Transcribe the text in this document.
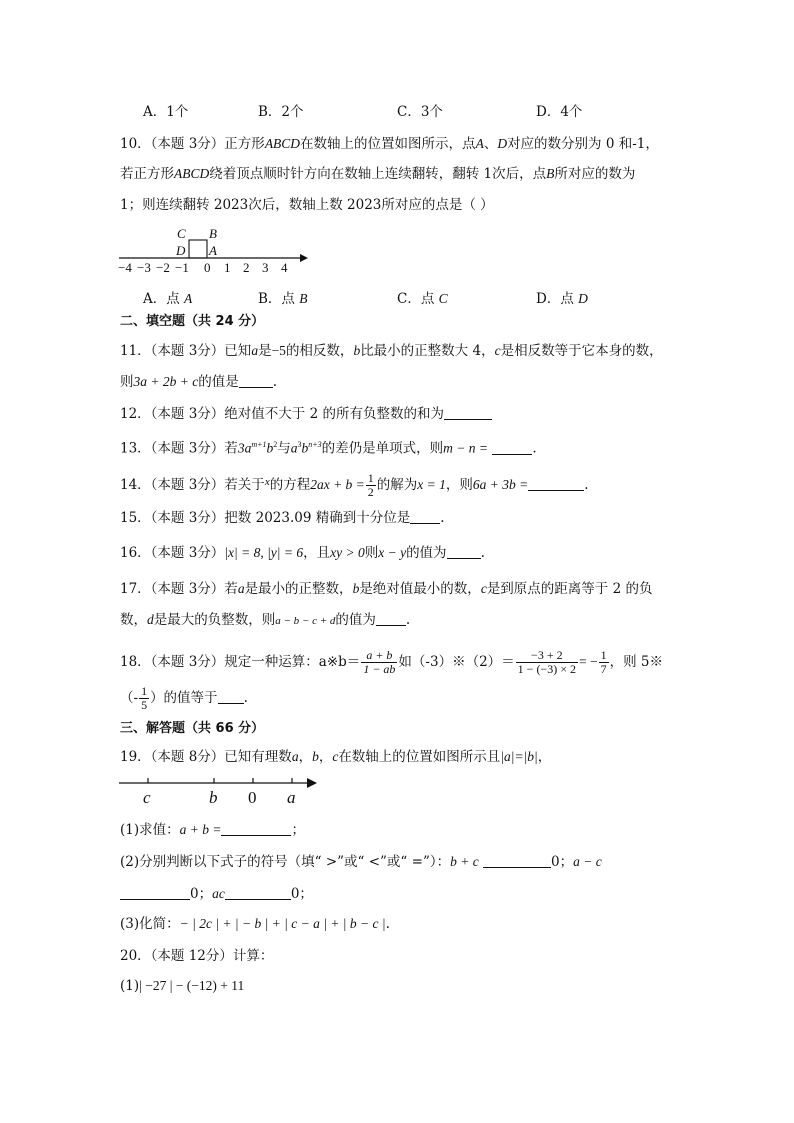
A．1个	B．2个	C．3个	D．4个
10．（本题 3分）正方形ABCD在数轴上的位置如图所示，点A、D对应的数分别为 0 和-1，
若正方形ABCD绕着顶点顺时针方向在数轴上连续翻转，翻转 1次后，点B所对应的数为
1；则连续翻转 2023次后，数轴上数 2023所对应的点是（ ）
C B
D A
−4 −3 −2 −1 0 1 2 3 4
A．点 A	B．点 B	C．点 C	D．点 D
二、填空题（共 24 分）
11．（本题 3分）已知a是−5的相反数，b比最小的正整数大 4，c是相反数等于它本身的数，
则3a + 2b + c的值是	.
12．（本题 3分）绝对值不大于 2 的所有负整数的和为
13．（本题 3分）若$3a^{m+1}b^2$与$a^3b^{n+3}$的差仍是单项式，则m − n =	.
14．（本题 3分）若关于$^x$的方程$2ax + b = \frac{1}{2}$ 的解为x = 1，则6a + 3b =	.
15．（本题 3分）把数 2023.09 精确到十分位是 .
16．（本题 3分）|x| = 8, |y| = 6，且xy > 0则x − y的值为	.
17．（本题 3分）若a是最小的正整数，b是绝对值最小的数，c是到原点的距离等于 2 的负
数，d是最大的负整数，则a − b − c + d的值为 .
18．（本题 3分）规定一种运算：a※b＝ $\frac{a + b}{1 - ab}$ 如（-3）※（2）＝ $\frac{-3 + 2}{1 - (-3) \times 2}$ = − $\frac{1}{7}$ ，则 5※
（- $\frac{1}{5}$ ）的值等于 .
三、解答题（共 66 分）
19．（本题 8分）已知有理数a，b，c在数轴上的位置如图所示且|a|=|b|，
c	b 0 a
(1)求值：a + b =	；
(2)分别判断以下式子的符号（填“ >”或“ <”或“ =”）：b + c	0；a − c
0；ac	0；
(3)化简：− | 2c | + | − b | + | c − a | + | b − c |.
20．（本题 12分）计算：
(1)| −27 | − (−12) + 11
